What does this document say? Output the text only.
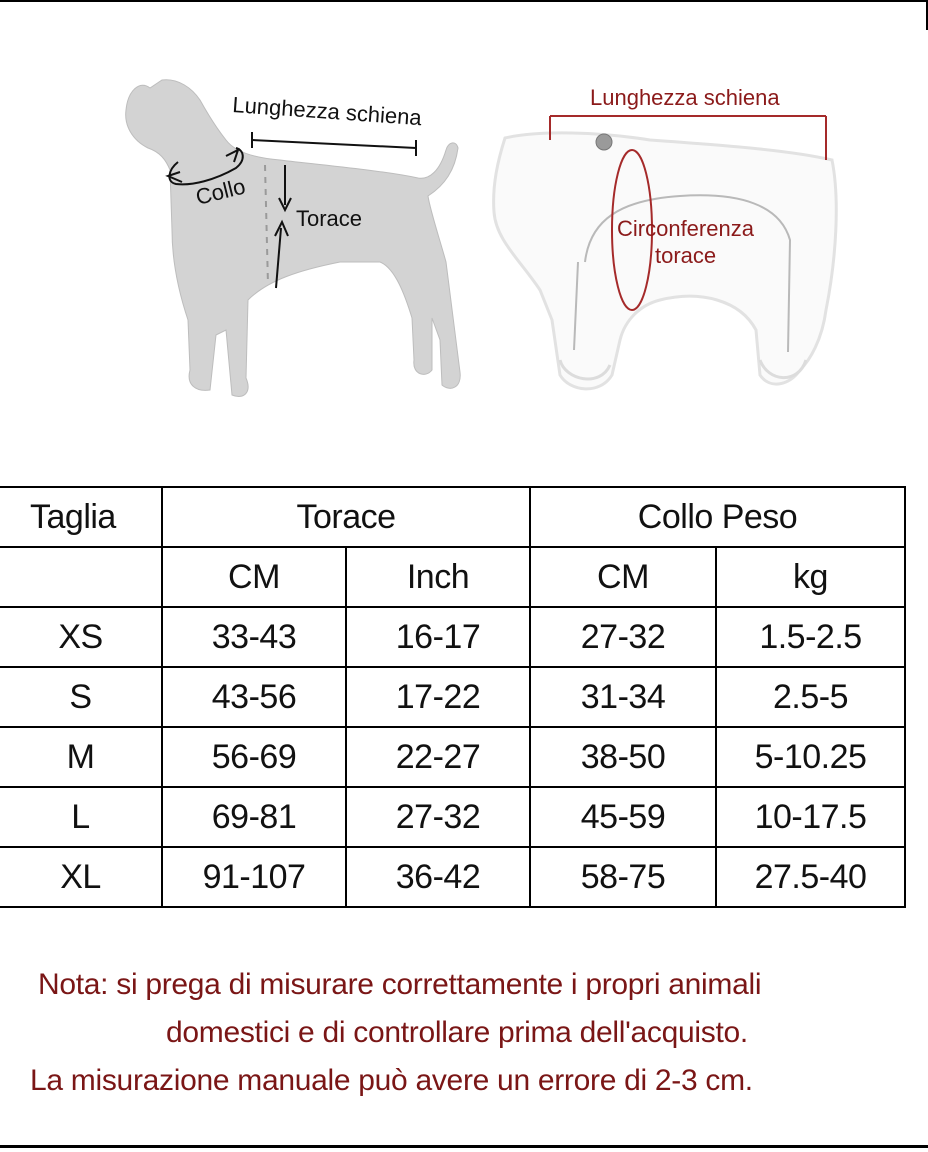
Lunghezza schiena
Collo
Torace
Lunghezza schiena
Circonferenza
torace
Taglia	Torace		Collo Peso	
	CM	Inch	CM	kg
XS	33-43	16-17	27-32	1.5-2.5
S	43-56	17-22	31-34	2.5-5
M	56-69	22-27	38-50	5-10.25
L	69-81	27-32	45-59	10-17.5
XL	91-107	36-42	58-75	27.5-40
Nota: si prega di misurare correttamente i propri animali
domestici e di controllare prima dell'acquisto.
La misurazione manuale può avere un errore di 2-3 cm.
